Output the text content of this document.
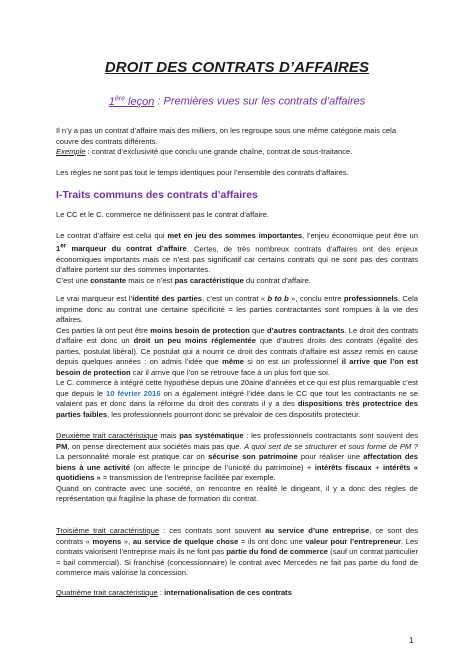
DROIT DES CONTRATS D’AFFAIRES
1ère leçon : Premières vues sur les contrats d’affaires

Il n’y a pas un contrat d’affaire mais des milliers, on les regroupe sous une même catégorie mais cela
couvre des contrats différents.
Exemple : contrat d’exclusivité que conclu une grande chaîne, contrat de sous-traitance.

Les règles ne sont pas tout le temps identiques pour l’ensemble des contrats d’affaires.

I-Traits communs des contrats d’affaires

Le CC et le C. commerce ne définissent pas le contrat d’affaire.

Le contrat d’affaire est celui qui met en jeu des sommes importantes, l’enjeu économique peut être un 1er marqueur du contrat d’affaire. Certes, de très nombreux contrats d’affaires ont des enjeux économiques importants mais ce n’est pas significatif car certains contrats qui ne sont pas des contrats d’affaire portent sur des sommes importantes.
C’est une constante mais ce n’est pas caractéristique du contrat d’affaire.

Le vrai marqueur est l’identité des parties, c’est un contrat « b to b », conclu entre professionnels. Cela imprime donc au contrat une certaine spécificité = les parties contractantes sont rompues à la vie des affaires.
Ces parties là ont peut être moins besoin de protection que d’autres contractants. Le droit des contrats d’affaire est donc un droit un peu moins réglementée que d’autres droits des contrats (égalité des parties, postulat libéral). Ce postulat qui a nourrit ce droit des contrats d’affaire est assez remis en cause depuis quelques années : on admis l’idée que même si on est un professionnel il arrive que l’on est besoin de protection car il arrive que l’on se retrouve face à un plus fort que soi.
Le C. commerce à intégré cette hypothèse depuis une 20aine d’années et ce qui est plus remarquable c’est que depuis le 10 février 2016 on a également intégré l’idée dans le CC que tout les contractants ne se valaient pas et donc dans la réforme du droit des contrats il y a des dispositions très protectrice des parties faibles, les professionnels pourront donc se prévaloir de ces dispositifs protecteur.

Deuxième trait caractéristique mais pas systématique : les professionnels contractants sont souvent des PM, on pense directement aux sociétés mais pas que. A quoi sert de se structurer et sous forme de PM ? La personnalité morale est pratique car on sécurise son patrimoine pour réaliser une affectation des biens à une activité (on affecte le principe de l’unicité du patrimoine) + intérêts fiscaux + intérêts « quotidiens » = transmission de l’entreprise facilitée par exemple.
Quand on contracte avec une société, on rencontre en réalité le dirigeant, il y a donc des règles de représentation qui fragilise la phase de formation du contrat.

Troisième trait caractéristique : ces contrats sont souvent au service d’une entreprise, ce sont des contrats « moyens », au service de quelque chose = ils ont donc une valeur pour l’entrepreneur. Les contrats valorisent l’entreprise mais ils ne font pas partie du fond de commerce (sauf un contrat particulier = bail commercial). Si franchisé (concessionnaire) le contrat avec Mercedes ne fait pas partie du fond de commerce mais valorise la concession.

Quatrième trait caractéristique : internationalisation de ces contrats

1
